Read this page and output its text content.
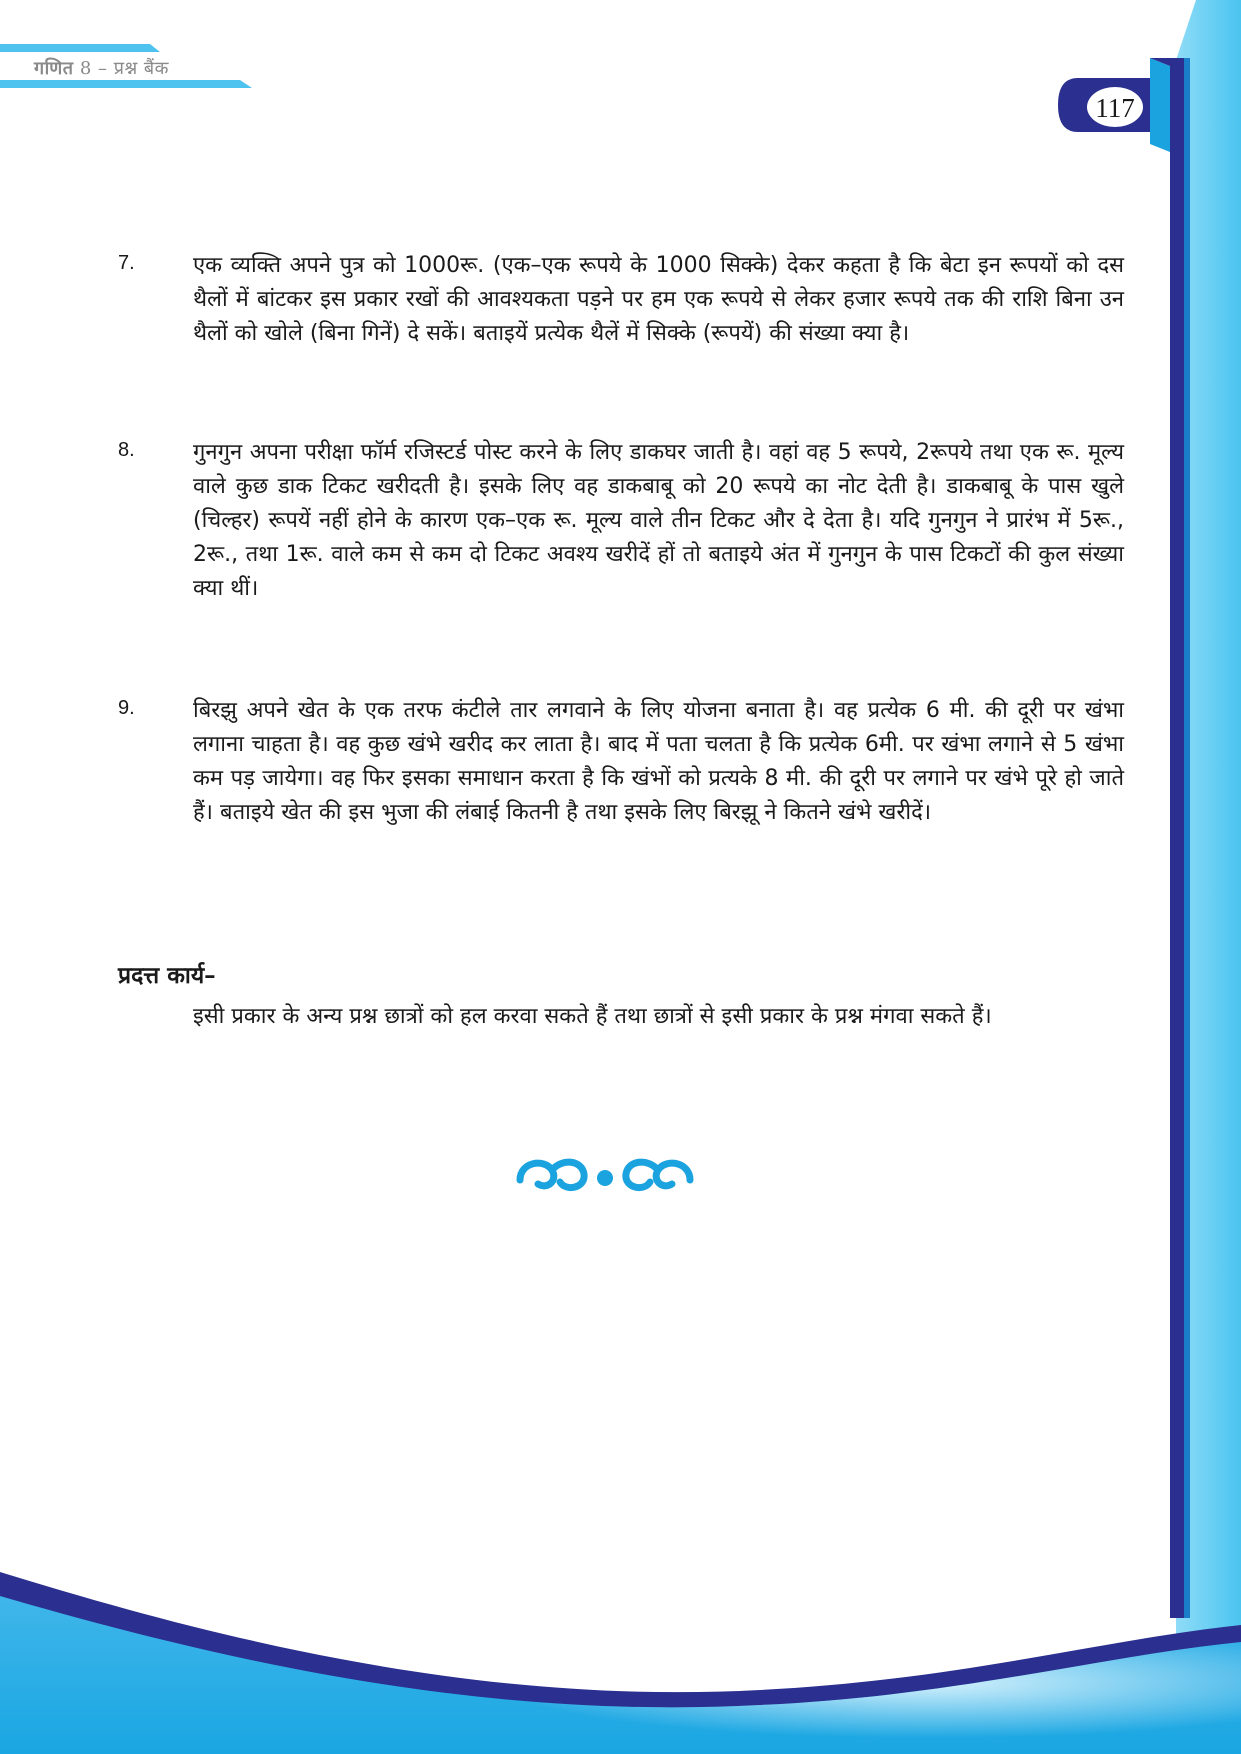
गणित 8 – प्रश्न बैंक
117
7.	एक व्यक्ति अपने पुत्र को 1000रू. (एक–एक रूपये के 1000 सिक्के) देकर कहता है कि बेटा इन रूपयों को दस थैलों में बांटकर इस प्रकार रखों की आवश्यकता पड़ने पर हम एक रूपये से लेकर हजार रूपये तक की राशि बिना उन थैलों को खोले (बिना गिनें) दे सकें। बताइयें प्रत्येक थैलें में सिक्के (रूपयें) की संख्या क्या है।
8.	गुनगुन अपना परीक्षा फॉर्म रजिस्टर्ड पोस्ट करने के लिए डाकघर जाती है। वहां वह 5 रूपये, 2रूपये तथा एक रू. मूल्य वाले कुछ डाक टिकट खरीदती है। इसके लिए वह डाकबाबू को 20 रूपये का नोट देती है। डाकबाबू के पास खुले (चिल्हर) रूपयें नहीं होने के कारण एक–एक रू. मूल्य वाले तीन टिकट और दे देता है। यदि गुनगुन ने प्रारंभ में 5रू., 2रू., तथा 1रू. वाले कम से कम दो टिकट अवश्य खरीदें हों तो बताइये अंत में गुनगुन के पास टिकटों की कुल संख्या क्या थीं।
9.	बिरझु अपने खेत के एक तरफ कंटीले तार लगवाने के लिए योजना बनाता है। वह प्रत्येक 6 मी. की दूरी पर खंभा लगाना चाहता है। वह कुछ खंभे खरीद कर लाता है। बाद में पता चलता है कि प्रत्येक 6मी. पर खंभा लगाने से 5 खंभा कम पड़ जायेगा। वह फिर इसका समाधान करता है कि खंभों को प्रत्यके 8 मी. की दूरी पर लगाने पर खंभे पूरे हो जाते हैं। बताइये खेत की इस भुजा की लंबाई कितनी है तथा इसके लिए बिरझू ने कितने खंभे खरीदें।
प्रदत्त कार्य–
इसी प्रकार के अन्य प्रश्न छात्रों को हल करवा सकते हैं तथा छात्रों से इसी प्रकार के प्रश्न मंगवा सकते हैं।
